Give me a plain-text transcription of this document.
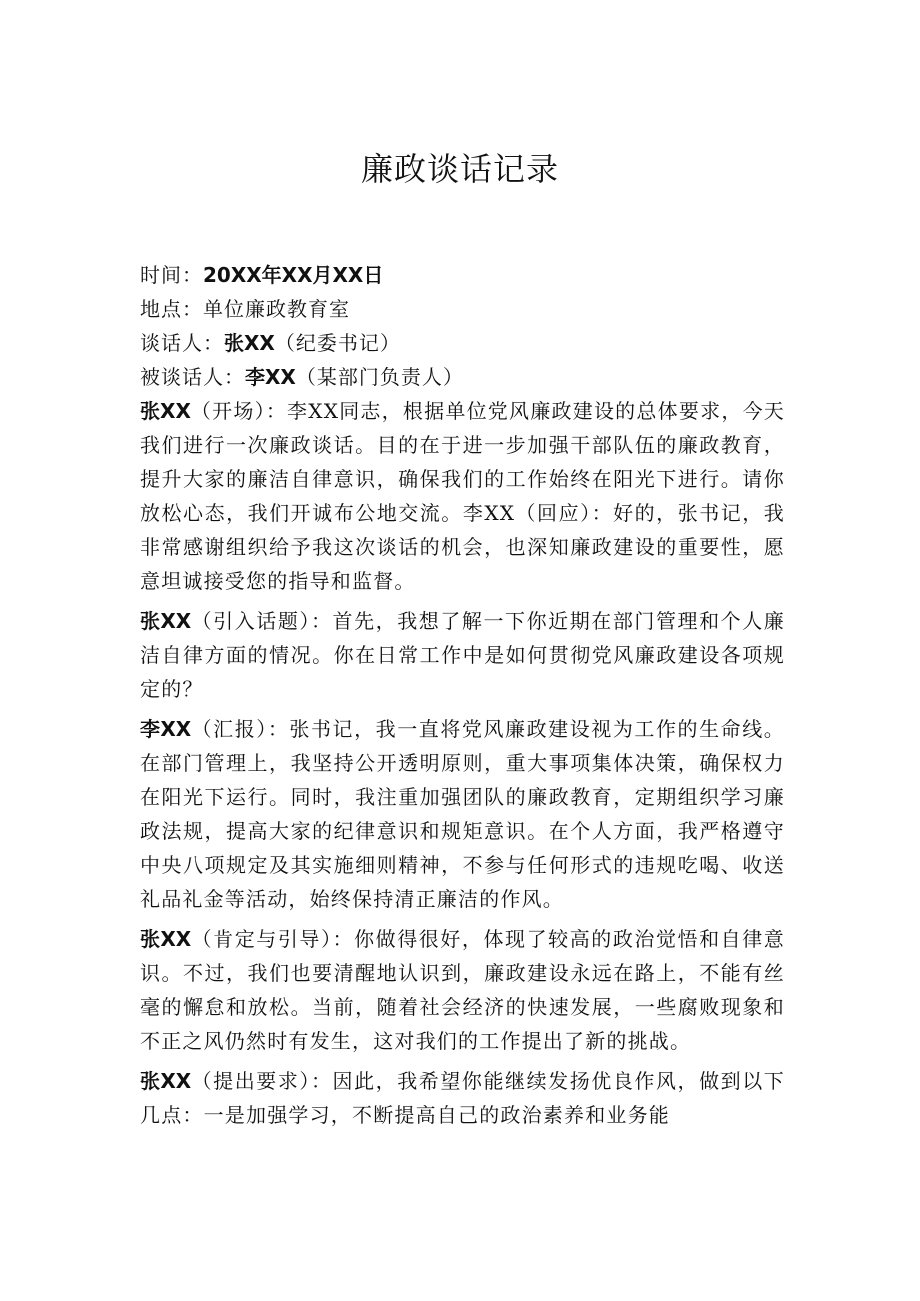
廉政谈话记录

时间：20XX年XX月XX日

地点：单位廉政教育室

谈话人：张XX（纪委书记）

被谈话人：李XX（某部门负责人）

张XX（开场）：李XX同志，根据单位党风廉政建设的总体要求，今天我们进行一次廉政谈话。目的在于进一步加强干部队伍的廉政教育，提升大家的廉洁自律意识，确保我们的工作始终在阳光下进行。请你放松心态，我们开诚布公地交流。李XX（回应）：好的，张书记，我非常感谢组织给予我这次谈话的机会，也深知廉政建设的重要性，愿意坦诚接受您的指导和监督。

张XX（引入话题）：首先，我想了解一下你近期在部门管理和个人廉洁自律方面的情况。你在日常工作中是如何贯彻党风廉政建设各项规定的？

李XX（汇报）：张书记，我一直将党风廉政建设视为工作的生命线。在部门管理上，我坚持公开透明原则，重大事项集体决策，确保权力在阳光下运行。同时，我注重加强团队的廉政教育，定期组织学习廉政法规，提高大家的纪律意识和规矩意识。在个人方面，我严格遵守中央八项规定及其实施细则精神，不参与任何形式的违规吃喝、收送礼品礼金等活动，始终保持清正廉洁的作风。

张XX（肯定与引导）：你做得很好，体现了较高的政治觉悟和自律意识。不过，我们也要清醒地认识到，廉政建设永远在路上，不能有丝毫的懈怠和放松。当前，随着社会经济的快速发展，一些腐败现象和不正之风仍然时有发生，这对我们的工作提出了新的挑战。

张XX（提出要求）：因此，我希望你能继续发扬优良作风，做到以下几点：一是加强学习，不断提高自己的政治素养和业务能
